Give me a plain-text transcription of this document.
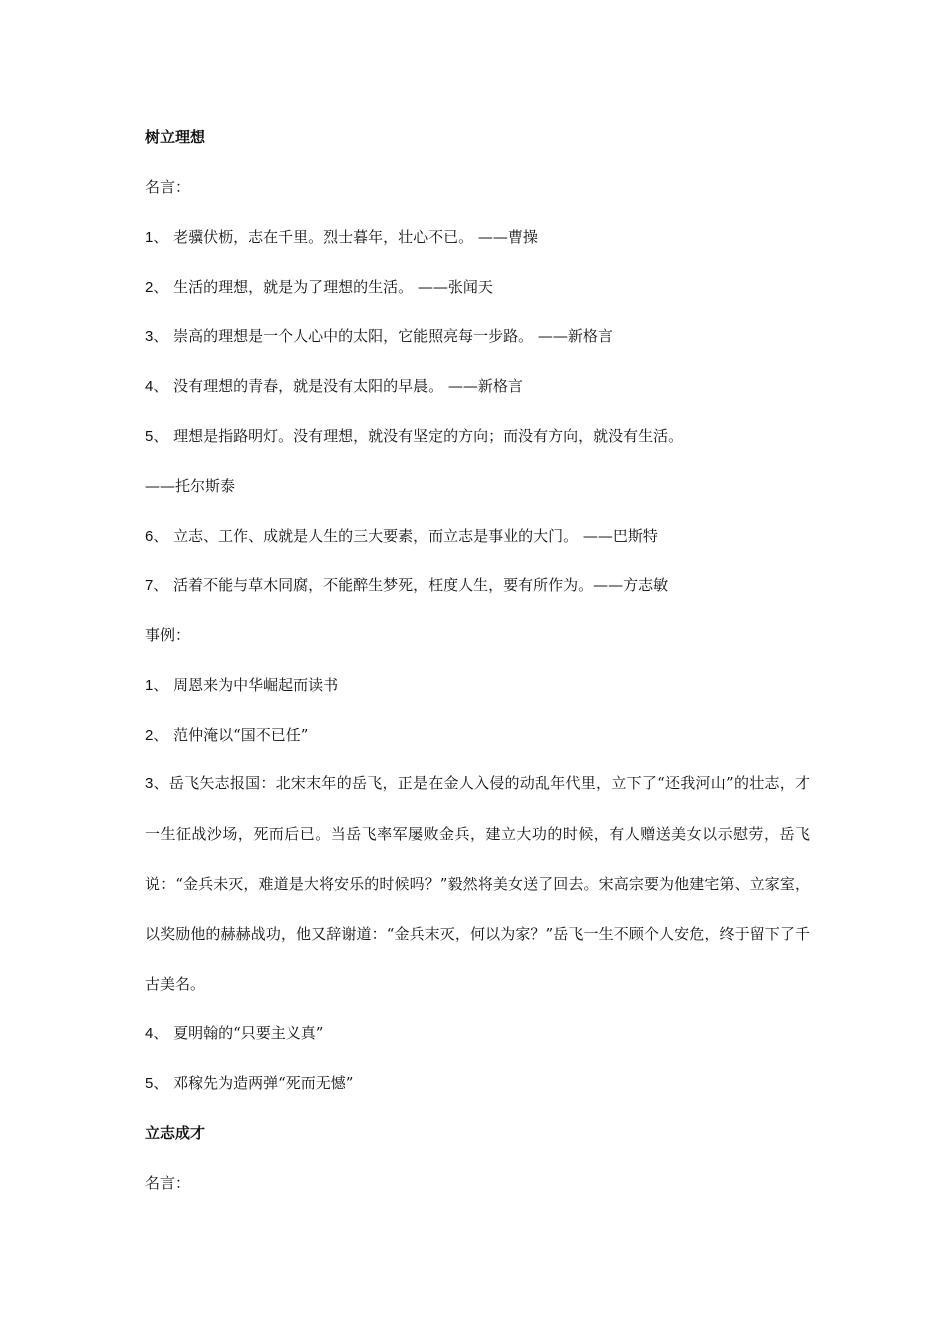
树立理想
名言：
1、 老骥伏枥，志在千里。烈士暮年，壮心不已。 ——曹操
2、 生活的理想，就是为了理想的生活。 ——张闻天
3、 崇高的理想是一个人心中的太阳，它能照亮每一步路。 ——新格言
4、 没有理想的青春，就是没有太阳的早晨。 ——新格言
5、 理想是指路明灯。没有理想，就没有坚定的方向；而没有方向，就没有生活。
——托尔斯泰
6、 立志、工作、成就是人生的三大要素，而立志是事业的大门。 ——巴斯特
7、 活着不能与草木同腐，不能醉生梦死，枉度人生，要有所作为。——方志敏
事例：
1、 周恩来为中华崛起而读书
2、 范仲淹以“国不已任”
3、岳飞矢志报国：北宋末年的岳飞，正是在金人入侵的动乱年代里，立下了“还我河山”的壮志，才一生征战沙场，死而后已。当岳飞率军屡败金兵，建立大功的时候，有人赠送美女以示慰劳，岳飞说：“金兵未灭，难道是大将安乐的时候吗？”毅然将美女送了回去。宋高宗要为他建宅第、立家室，以奖励他的赫赫战功，他又辞谢道：“金兵末灭，何以为家？”岳飞一生不顾个人安危，终于留下了千古美名。
4、 夏明翰的“只要主义真”
5、 邓稼先为造两弹“死而无憾”
立志成才
名言：
